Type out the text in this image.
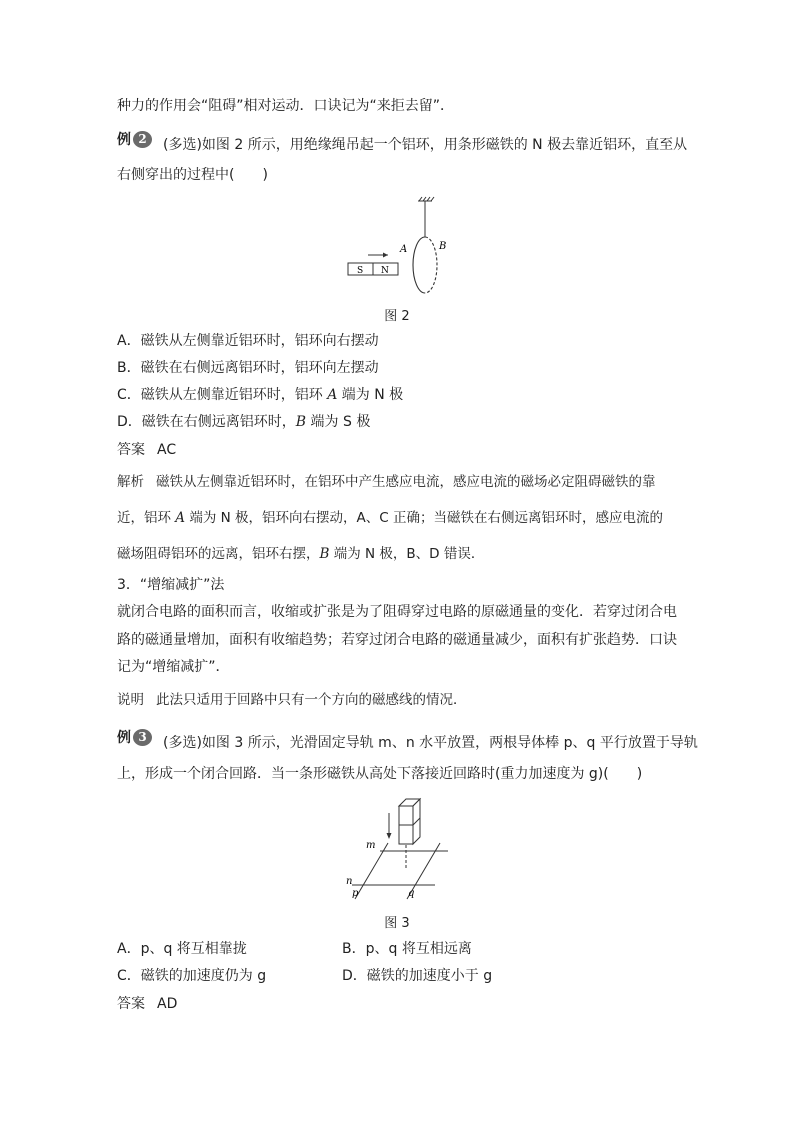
种力的作用会“阻碍”相对运动．口诀记为“来拒去留”．
例 2	(多选)如图 2 所示，用绝缘绳吊起一个铝环，用条形磁铁的 N 极去靠近铝环，直至从
右侧穿出的过程中(　　)
A	B
S N
图 2
A．磁铁从左侧靠近铝环时，铝环向右摆动
B．磁铁在右侧远离铝环时，铝环向左摆动
C．磁铁从左侧靠近铝环时，铝环 A 端为 N 极
D．磁铁在右侧远离铝环时，B 端为 S 极
答案 AC
解析 磁铁从左侧靠近铝环时，在铝环中产生感应电流，感应电流的磁场必定阻碍磁铁的靠
近，铝环 A 端为 N 极，铝环向右摆动，A、C 正确；当磁铁在右侧远离铝环时，感应电流的
磁场阻碍铝环的远离，铝环右摆，B 端为 N 极，B、D 错误．
3．“增缩减扩”法
就闭合电路的面积而言，收缩或扩张是为了阻碍穿过电路的原磁通量的变化．若穿过闭合电
路的磁通量增加，面积有收缩趋势；若穿过闭合电路的磁通量减少，面积有扩张趋势．口诀
记为“增缩减扩”．
说明 此法只适用于回路中只有一个方向的磁感线的情况．
例 3	(多选)如图 3 所示，光滑固定导轨 m、n 水平放置，两根导体棒 p、q 平行放置于导轨
上，形成一个闭合回路．当一条形磁铁从高处下落接近回路时(重力加速度为 g)(　　)
m
n
p	q
图 3
A．p、q 将互相靠拢	B．p、q 将互相远离
C．磁铁的加速度仍为 g	D．磁铁的加速度小于 g
答案 AD
